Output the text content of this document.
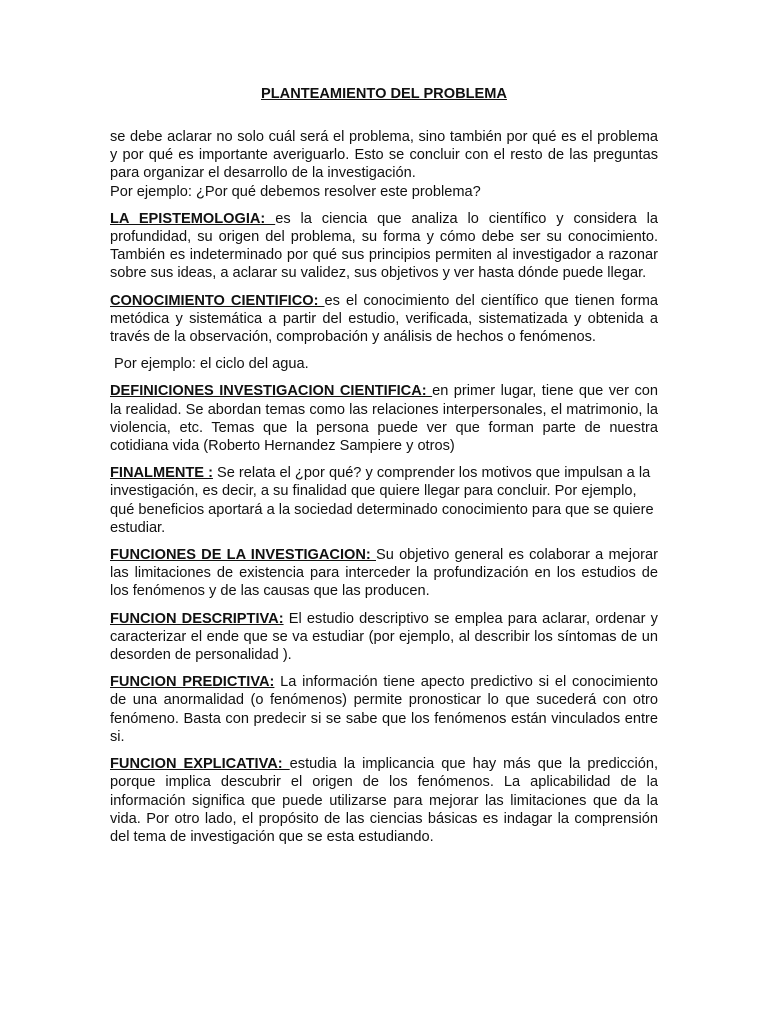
PLANTEAMIENTO DEL PROBLEMA

se debe aclarar no solo cuál será el problema, sino también por qué es el problema y por qué es importante averiguarlo. Esto se concluir con el resto de las preguntas para organizar el desarrollo de la investigación.

Por ejemplo: ¿Por qué debemos resolver este problema?

LA EPISTEMOLOGIA: es la ciencia que analiza lo científico y considera la profundidad, su origen del problema, su forma y cómo debe ser su conocimiento. También es indeterminado por qué sus principios permiten al investigador a razonar sobre sus ideas, a aclarar su validez, sus objetivos y ver hasta dónde puede llegar.

CONOCIMIENTO CIENTIFICO: es el conocimiento del científico que tienen forma metódica y sistemática a partir del estudio, verificada, sistematizada y obtenida a través de la observación, comprobación y análisis de hechos o fenómenos.

Por ejemplo: el ciclo del agua.

DEFINICIONES INVESTIGACION CIENTIFICA: en primer lugar, tiene que ver con la realidad. Se abordan temas como las relaciones interpersonales, el matrimonio, la violencia, etc. Temas que la persona puede ver que forman parte de nuestra cotidiana vida (Roberto Hernandez Sampiere y otros)

FINALMENTE : Se relata el ¿por qué? y comprender los motivos que impulsan a la investigación, es decir, a su finalidad que quiere llegar para concluir. Por ejemplo, qué beneficios aportará a la sociedad determinado conocimiento para que se quiere estudiar.

FUNCIONES DE LA INVESTIGACION: Su objetivo general es colaborar a mejorar las limitaciones de existencia para interceder la profundización en los estudios de los fenómenos y de las causas que las producen.

FUNCION DESCRIPTIVA: El estudio descriptivo se emplea para aclarar, ordenar y caracterizar el ende que se va estudiar (por ejemplo, al describir los síntomas de un desorden de personalidad ).

FUNCION PREDICTIVA: La información tiene apecto predictivo si el conocimiento de una anormalidad (o fenómenos) permite pronosticar lo que sucederá con otro fenómeno. Basta con predecir si se sabe que los fenómenos están vinculados entre si.

FUNCION EXPLICATIVA: estudia la implicancia que hay más que la predicción, porque implica descubrir el origen de los fenómenos. La aplicabilidad de la información significa que puede utilizarse para mejorar las limitaciones que da la vida. Por otro lado, el propósito de las ciencias básicas es indagar la comprensión del tema de investigación que se esta estudiando.
